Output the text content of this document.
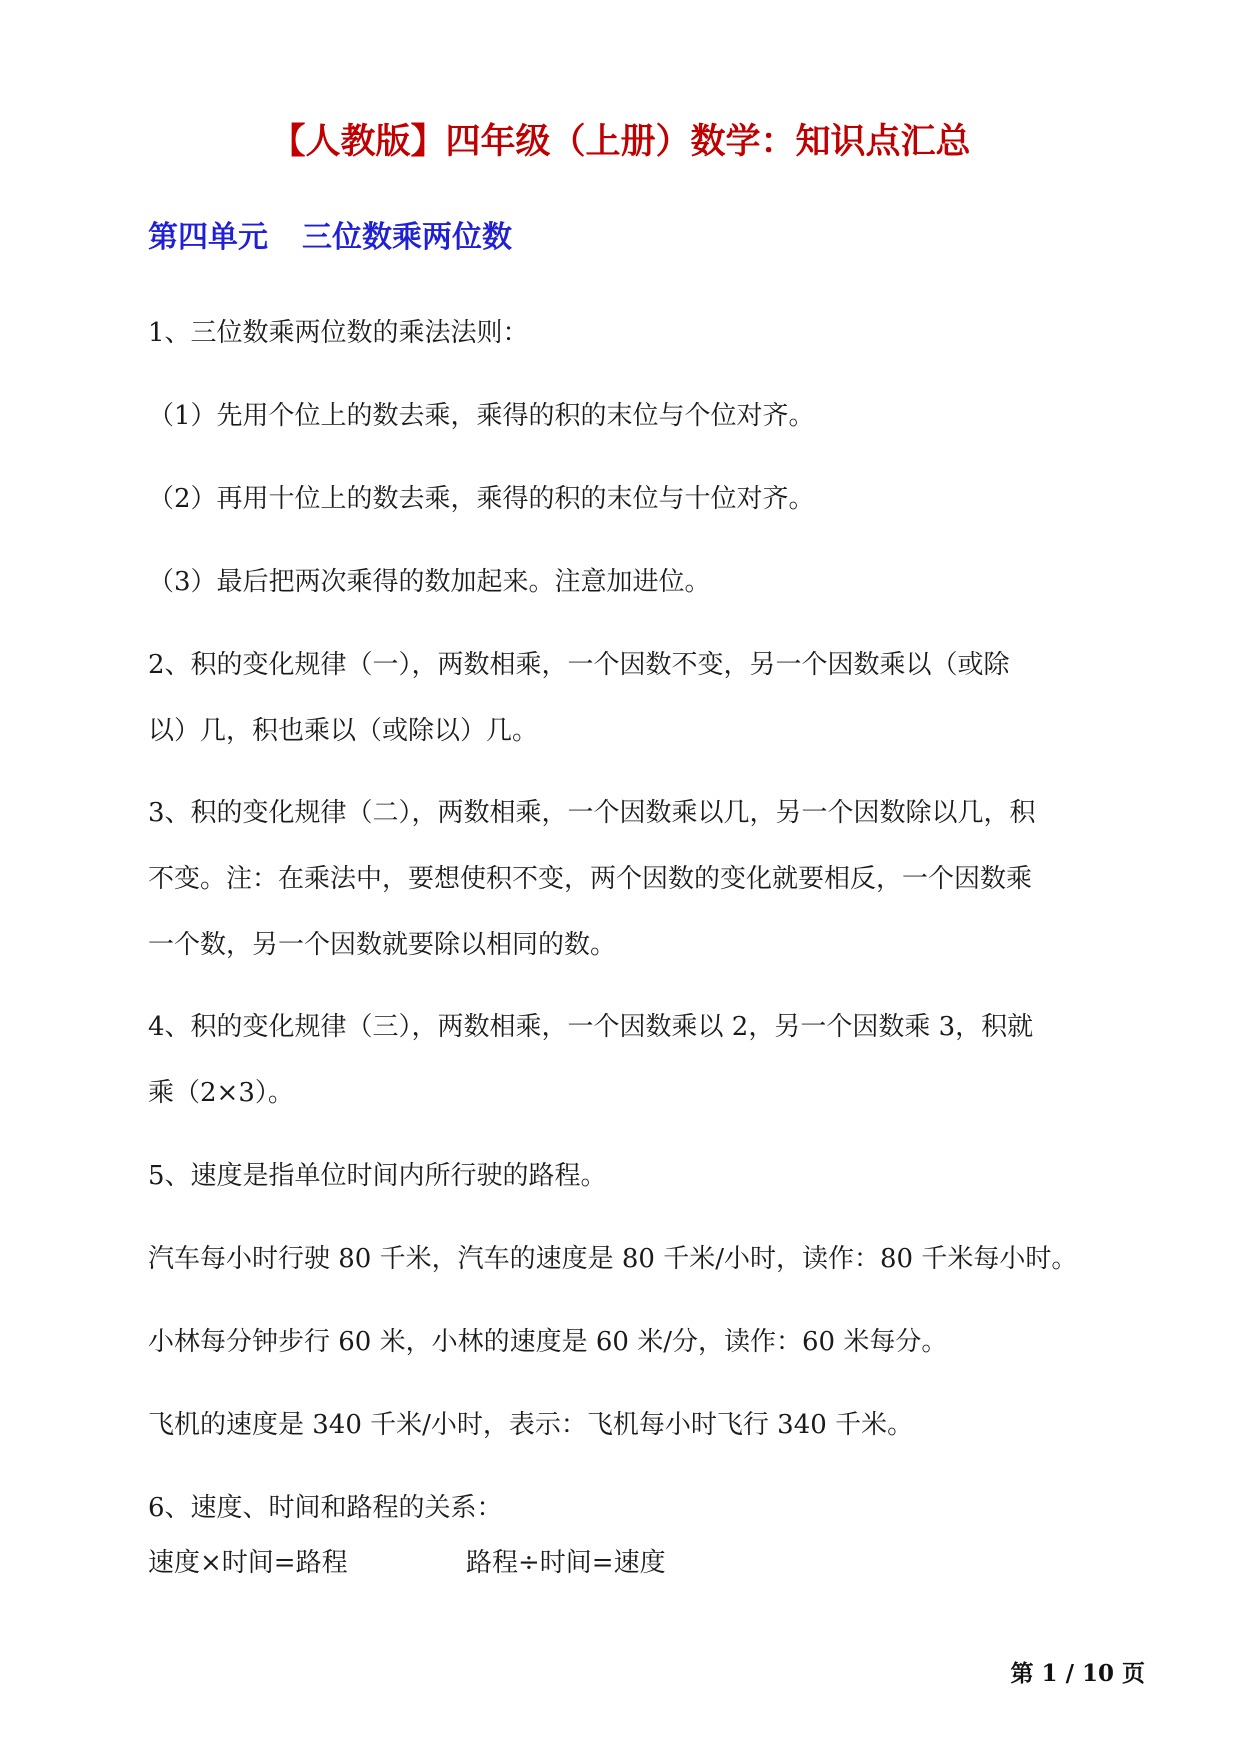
【人教版】四年级（上册）数学：知识点汇总
第四单元 三位数乘两位数

1、三位数乘两位数的乘法法则：

（1）先用个位上的数去乘，乘得的积的末位与个位对齐。

（2）再用十位上的数去乘，乘得的积的末位与十位对齐。

（3）最后把两次乘得的数加起来。注意加进位。

2、积的变化规律（一），两数相乘，一个因数不变，另一个因数乘以（或除

以）几，积也乘以（或除以）几。

3、积的变化规律（二），两数相乘，一个因数乘以几，另一个因数除以几，积

不变。注：在乘法中，要想使积不变，两个因数的变化就要相反，一个因数乘

一个数，另一个因数就要除以相同的数。

4、积的变化规律（三），两数相乘，一个因数乘以 2，另一个因数乘 3，积就

乘（2×3）。

5、速度是指单位时间内所行驶的路程。

汽车每小时行驶 80 千米，汽车的速度是 80 千米/小时，读作：80 千米每小时。

小林每分钟步行 60 米，小林的速度是 60 米/分，读作：60 米每分。

飞机的速度是 340 千米/小时，表示：飞机每小时飞行 340 千米。

6、速度、时间和路程的关系：

速度×时间=路程	路程÷时间=速度
第 1 / 10 页
